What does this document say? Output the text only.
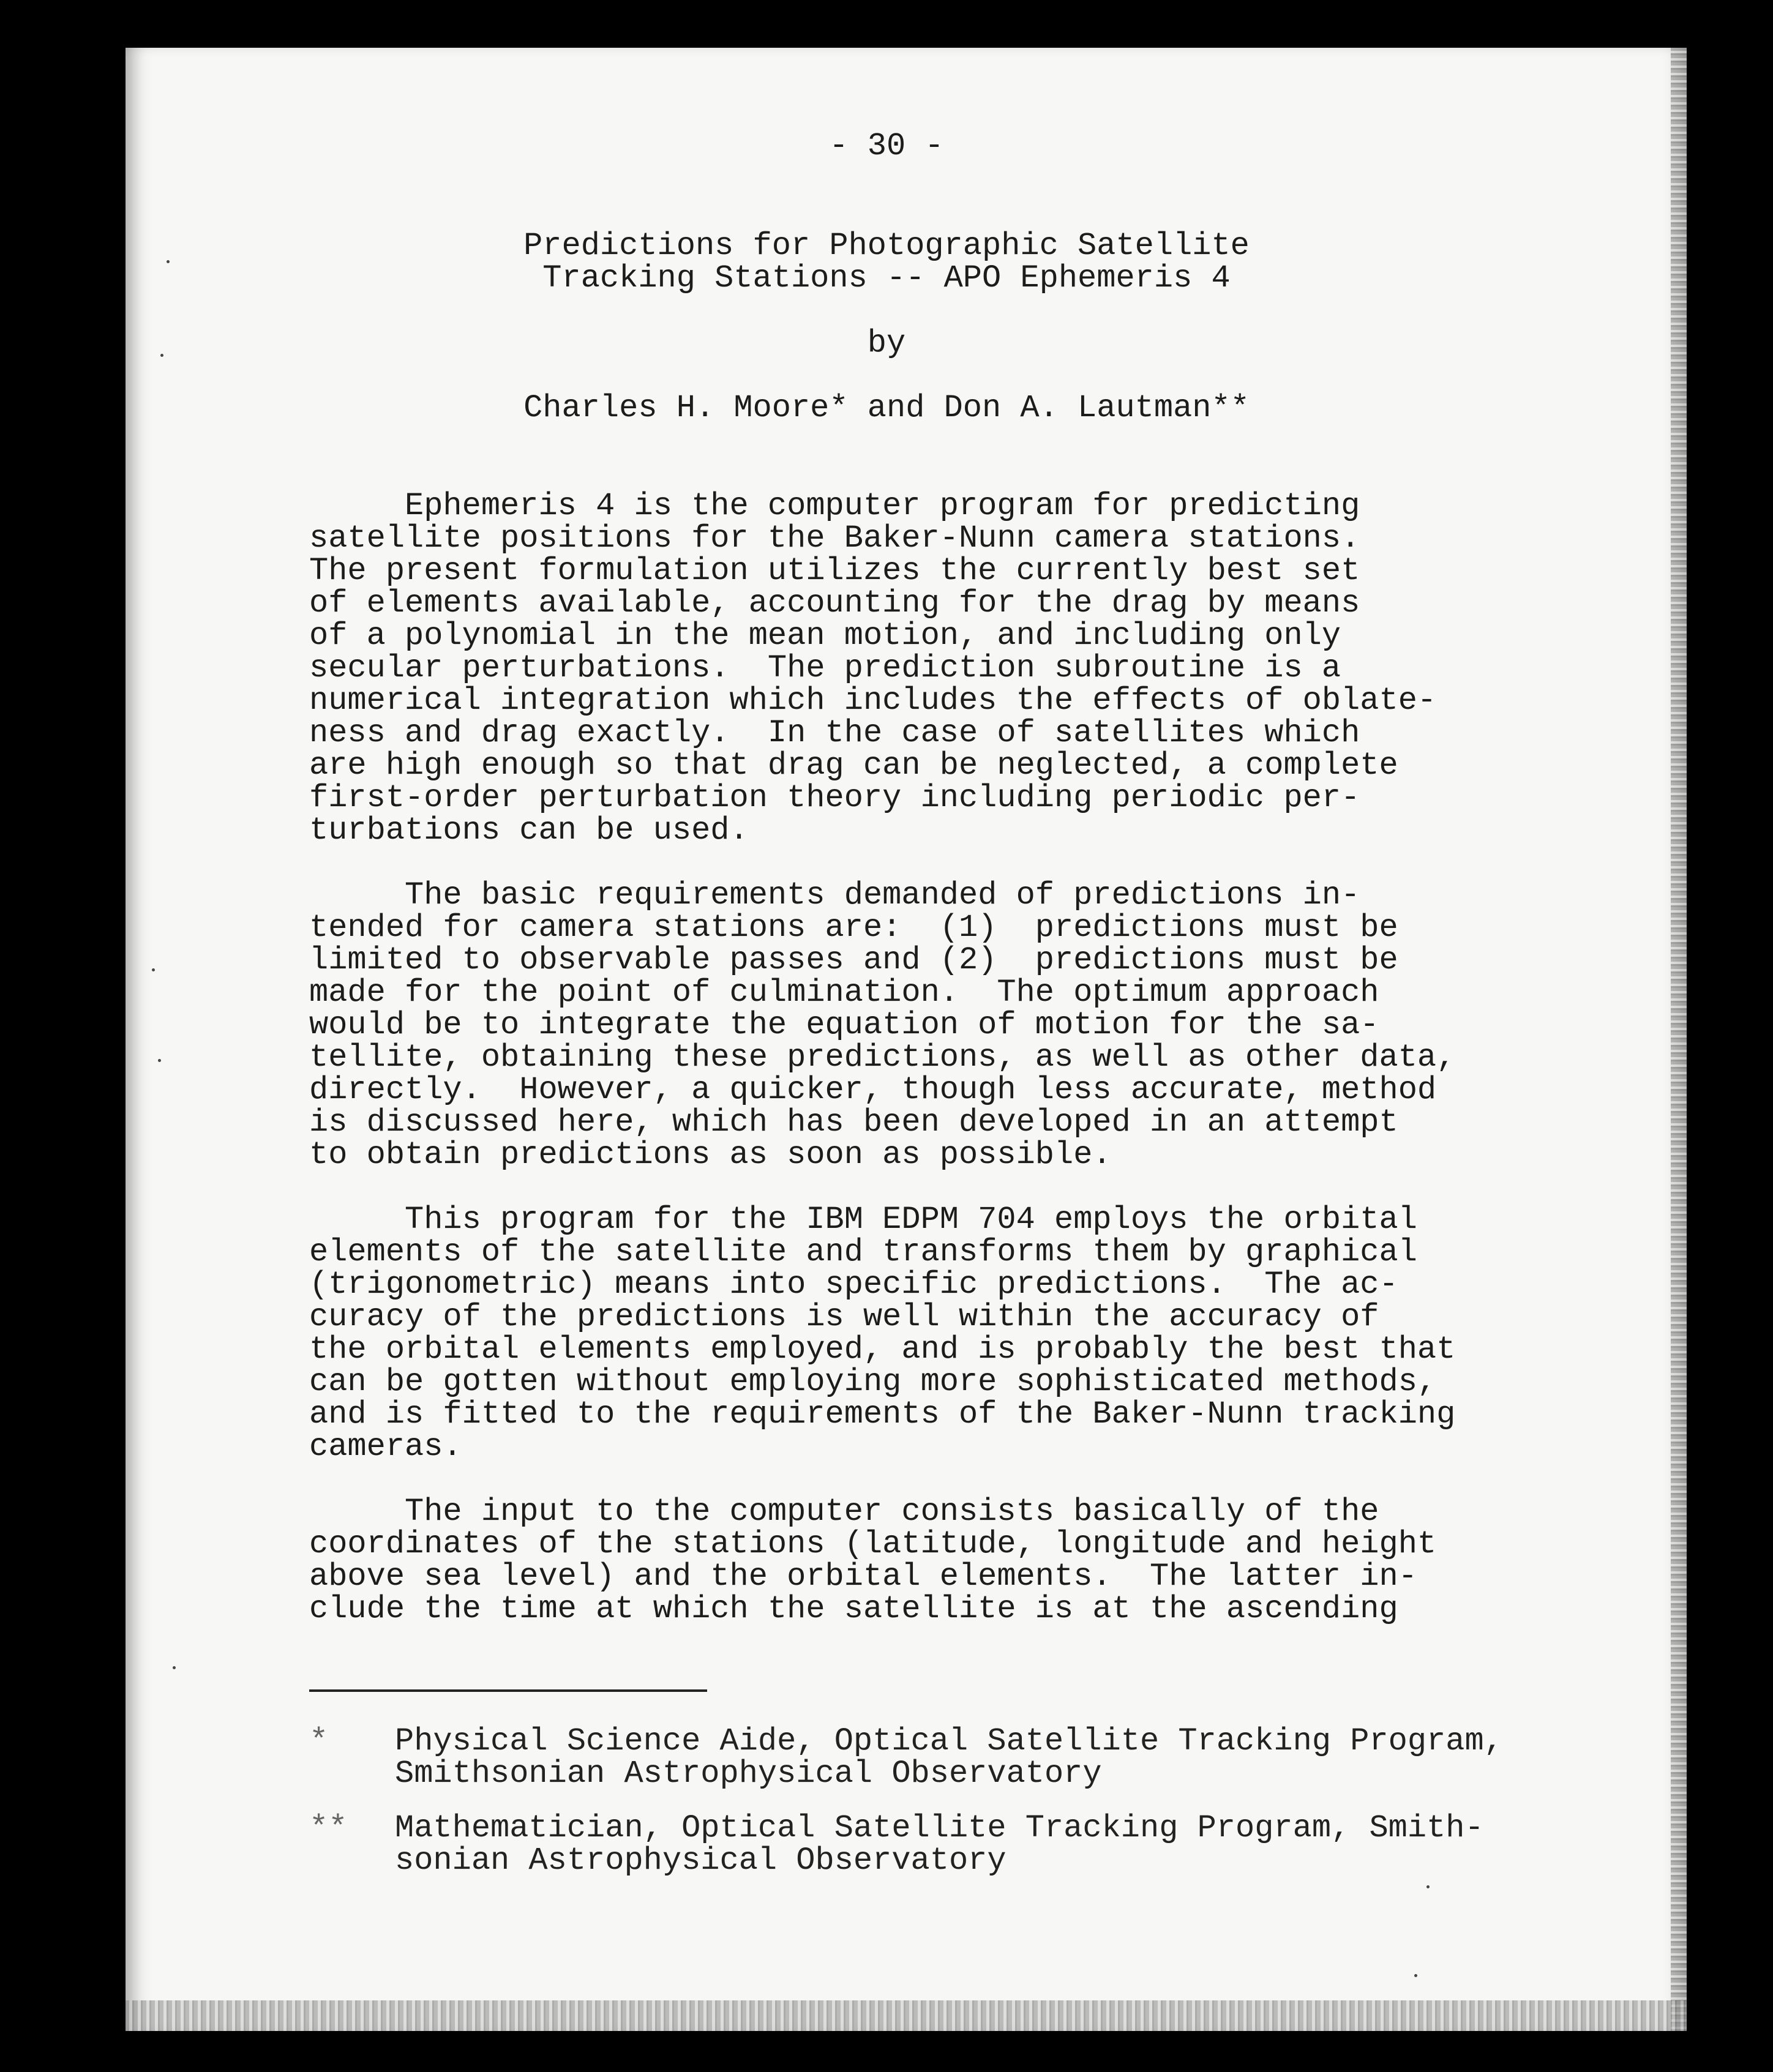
- 30 -
Predictions for Photographic Satellite
Tracking Stations -- APO Ephemeris 4
by
Charles H. Moore* and Don A. Lautman**
Ephemeris 4 is the computer program for predicting
satellite positions for the Baker-Nunn camera stations.
The present formulation utilizes the currently best set
of elements available, accounting for the drag by means
of a polynomial in the mean motion, and including only
secular perturbations.  The prediction subroutine is a
numerical integration which includes the effects of oblate-
ness and drag exactly.  In the case of satellites which
are high enough so that drag can be neglected, a complete
first-order perturbation theory including periodic per-
turbations can be used.
The basic requirements demanded of predictions in-
tended for camera stations are:  (1)  predictions must be
limited to observable passes and (2)  predictions must be
made for the point of culmination.  The optimum approach
would be to integrate the equation of motion for the sa-
tellite, obtaining these predictions, as well as other data,
directly.  However, a quicker, though less accurate, method
is discussed here, which has been developed in an attempt
to obtain predictions as soon as possible.
This program for the IBM EDPM 704 employs the orbital
elements of the satellite and transforms them by graphical
(trigonometric) means into specific predictions.  The ac-
curacy of the predictions is well within the accuracy of
the orbital elements employed, and is probably the best that
can be gotten without employing more sophisticated methods,
and is fitted to the requirements of the Baker-Nunn tracking
cameras.
The input to the computer consists basically of the
coordinates of the stations (latitude, longitude and height
above sea level) and the orbital elements.  The latter in-
clude the time at which the satellite is at the ascending
* Physical Science Aide, Optical Satellite Tracking Program,
Smithsonian Astrophysical Observatory
** Mathematician, Optical Satellite Tracking Program, Smith-
sonian Astrophysical Observatory
